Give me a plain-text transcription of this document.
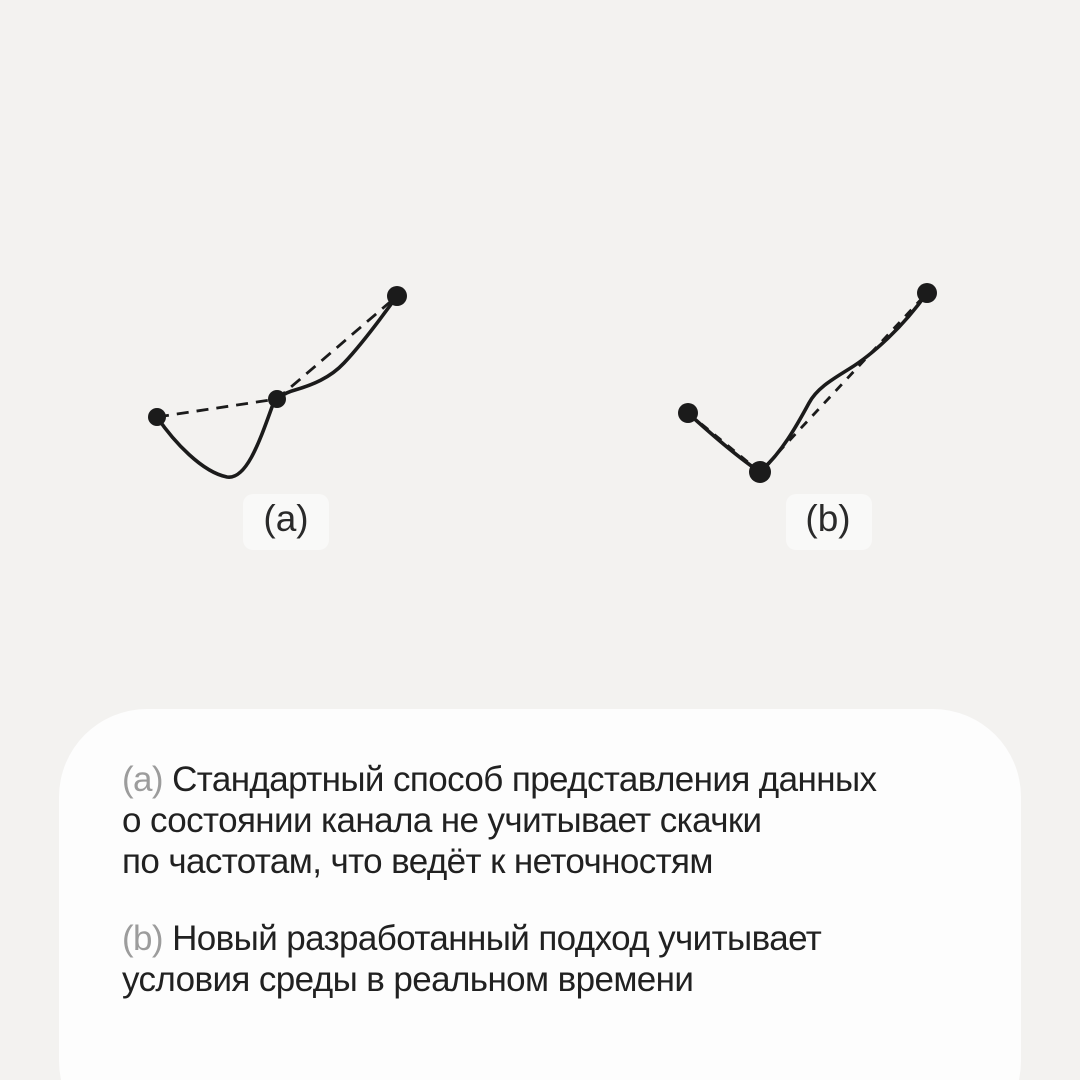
(a)	(b)
(a) Стандартный способ представления данных
о состоянии канала не учитывает скачки
по частотам, что ведёт к неточностям
(b) Новый разработанный подход учитывает
условия среды в реальном времени
